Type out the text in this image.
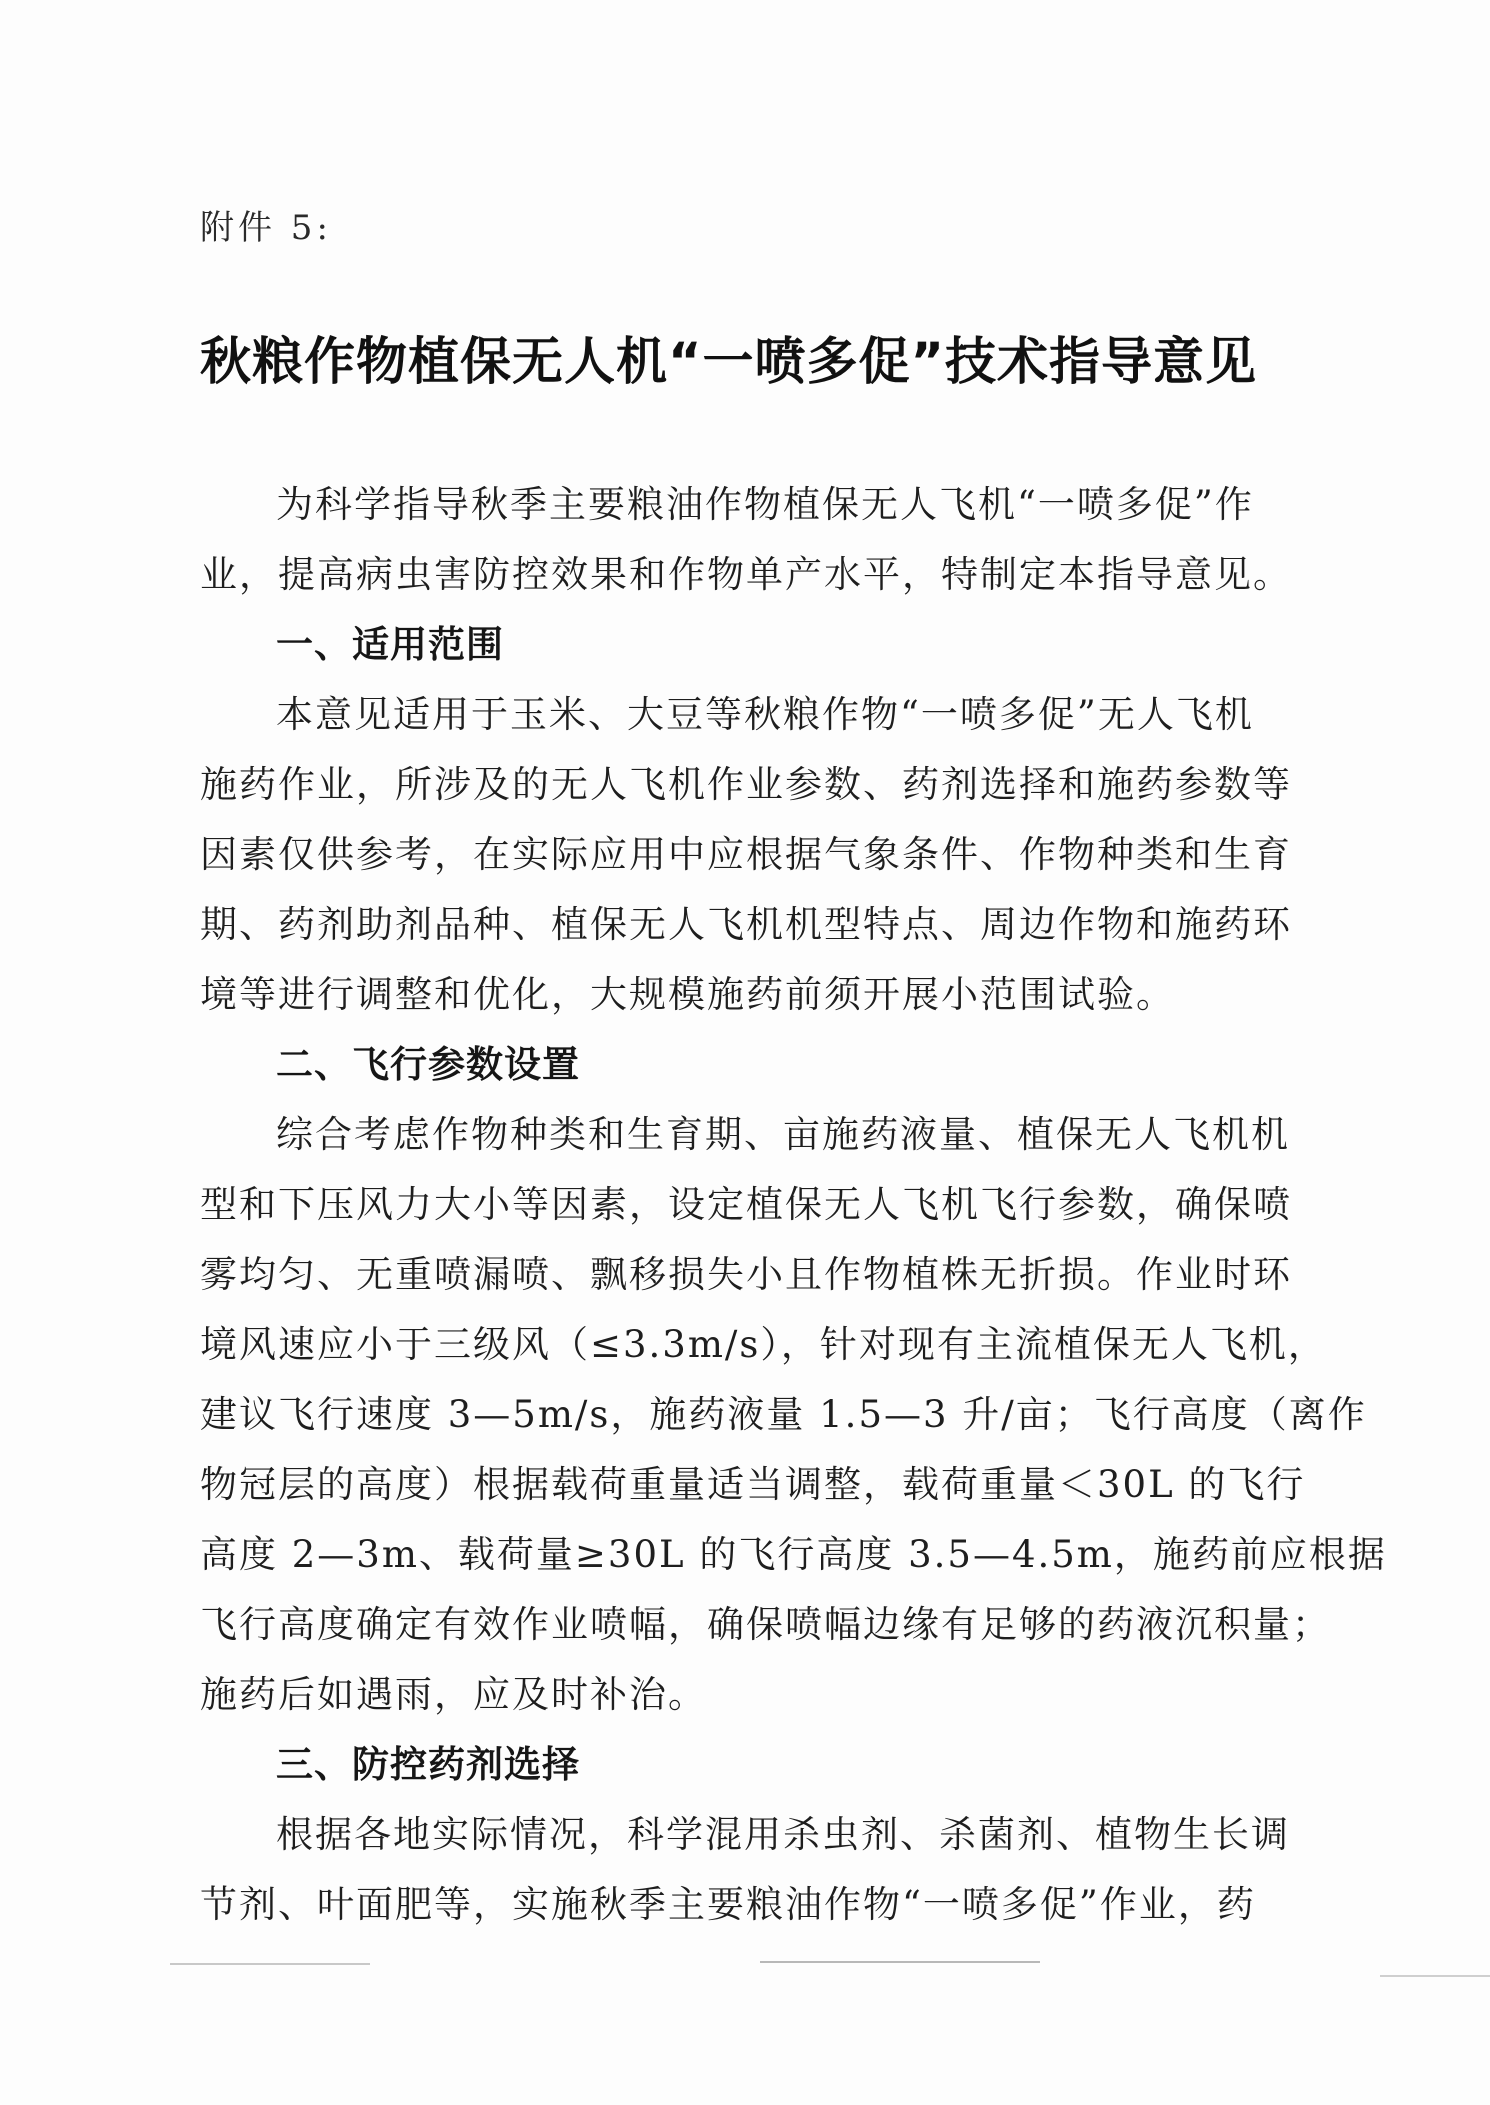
附件 5:
秋粮作物植保无人机“一喷多促”技术指导意见

为科学指导秋季主要粮油作物植保无人飞机“一喷多促”作
业，提高病虫害防控效果和作物单产水平，特制定本指导意见。

一、适用范围

本意见适用于玉米、大豆等秋粮作物“一喷多促”无人飞机
施药作业，所涉及的无人飞机作业参数、药剂选择和施药参数等
因素仅供参考，在实际应用中应根据气象条件、作物种类和生育
期、药剂助剂品种、植保无人飞机机型特点、周边作物和施药环
境等进行调整和优化，大规模施药前须开展小范围试验。

二、飞行参数设置

综合考虑作物种类和生育期、亩施药液量、植保无人飞机机
型和下压风力大小等因素，设定植保无人飞机飞行参数，确保喷
雾均匀、无重喷漏喷、飘移损失小且作物植株无折损。作业时环
境风速应小于三级风（≤3.3m/s），针对现有主流植保无人飞机，
建议飞行速度 3—5m/s，施药液量 1.5—3 升/亩；飞行高度（离作
物冠层的高度）根据载荷重量适当调整，载荷重量＜30L 的飞行
高度 2—3m、载荷量≥30L 的飞行高度 3.5—4.5m，施药前应根据
飞行高度确定有效作业喷幅，确保喷幅边缘有足够的药液沉积量；
施药后如遇雨，应及时补治。

三、防控药剂选择

根据各地实际情况，科学混用杀虫剂、杀菌剂、植物生长调
节剂、叶面肥等，实施秋季主要粮油作物“一喷多促”作业，药
